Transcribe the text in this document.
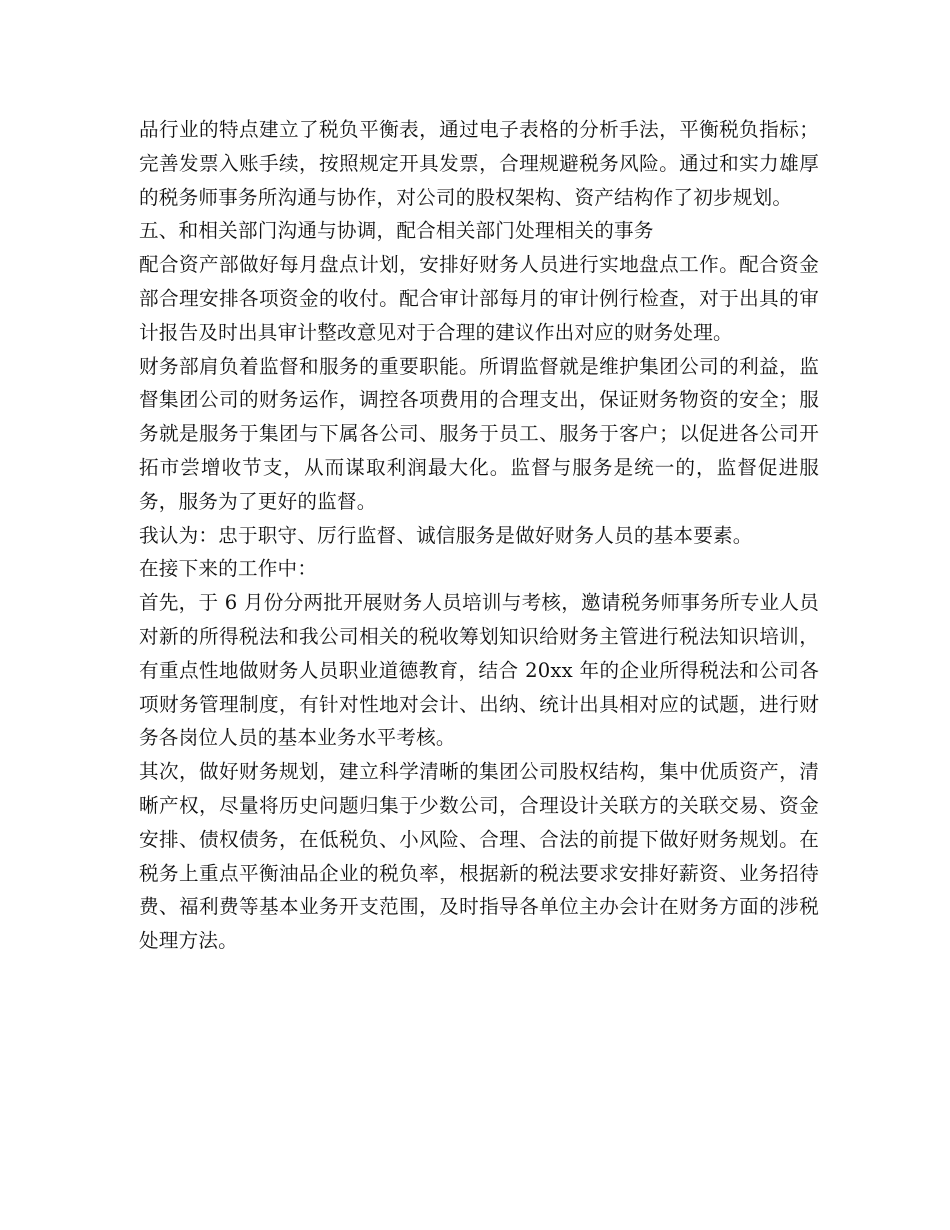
品行业的特点建立了税负平衡表，通过电子表格的分析手法，平衡税负指标；完善发票入账手续，按照规定开具发票，合理规避税务风险。通过和实力雄厚的税务师事务所沟通与协作，对公司的股权架构、资产结构作了初步规划。

五、和相关部门沟通与协调，配合相关部门处理相关的事务

配合资产部做好每月盘点计划，安排好财务人员进行实地盘点工作。配合资金部合理安排各项资金的收付。配合审计部每月的审计例行检查，对于出具的审计报告及时出具审计整改意见对于合理的建议作出对应的财务处理。

财务部肩负着监督和服务的重要职能。所谓监督就是维护集团公司的利益，监督集团公司的财务运作，调控各项费用的合理支出，保证财务物资的安全；服务就是服务于集团与下属各公司、服务于员工、服务于客户；以促进各公司开拓市尝增收节支，从而谋取利润最大化。监督与服务是统一的，监督促进服务，服务为了更好的监督。

我认为：忠于职守、厉行监督、诚信服务是做好财务人员的基本要素。

在接下来的工作中：

首先，于 6 月份分两批开展财务人员培训与考核，邀请税务师事务所专业人员对新的所得税法和我公司相关的税收筹划知识给财务主管进行税法知识培训，有重点性地做财务人员职业道德教育，结合 20xx 年的企业所得税法和公司各项财务管理制度，有针对性地对会计、出纳、统计出具相对应的试题，进行财务各岗位人员的基本业务水平考核。

其次，做好财务规划，建立科学清晰的集团公司股权结构，集中优质资产，清晰产权，尽量将历史问题归集于少数公司，合理设计关联方的关联交易、资金安排、债权债务，在低税负、小风险、合理、合法的前提下做好财务规划。在税务上重点平衡油品企业的税负率，根据新的税法要求安排好薪资、业务招待费、福利费等基本业务开支范围，及时指导各单位主办会计在财务方面的涉税处理方法。
